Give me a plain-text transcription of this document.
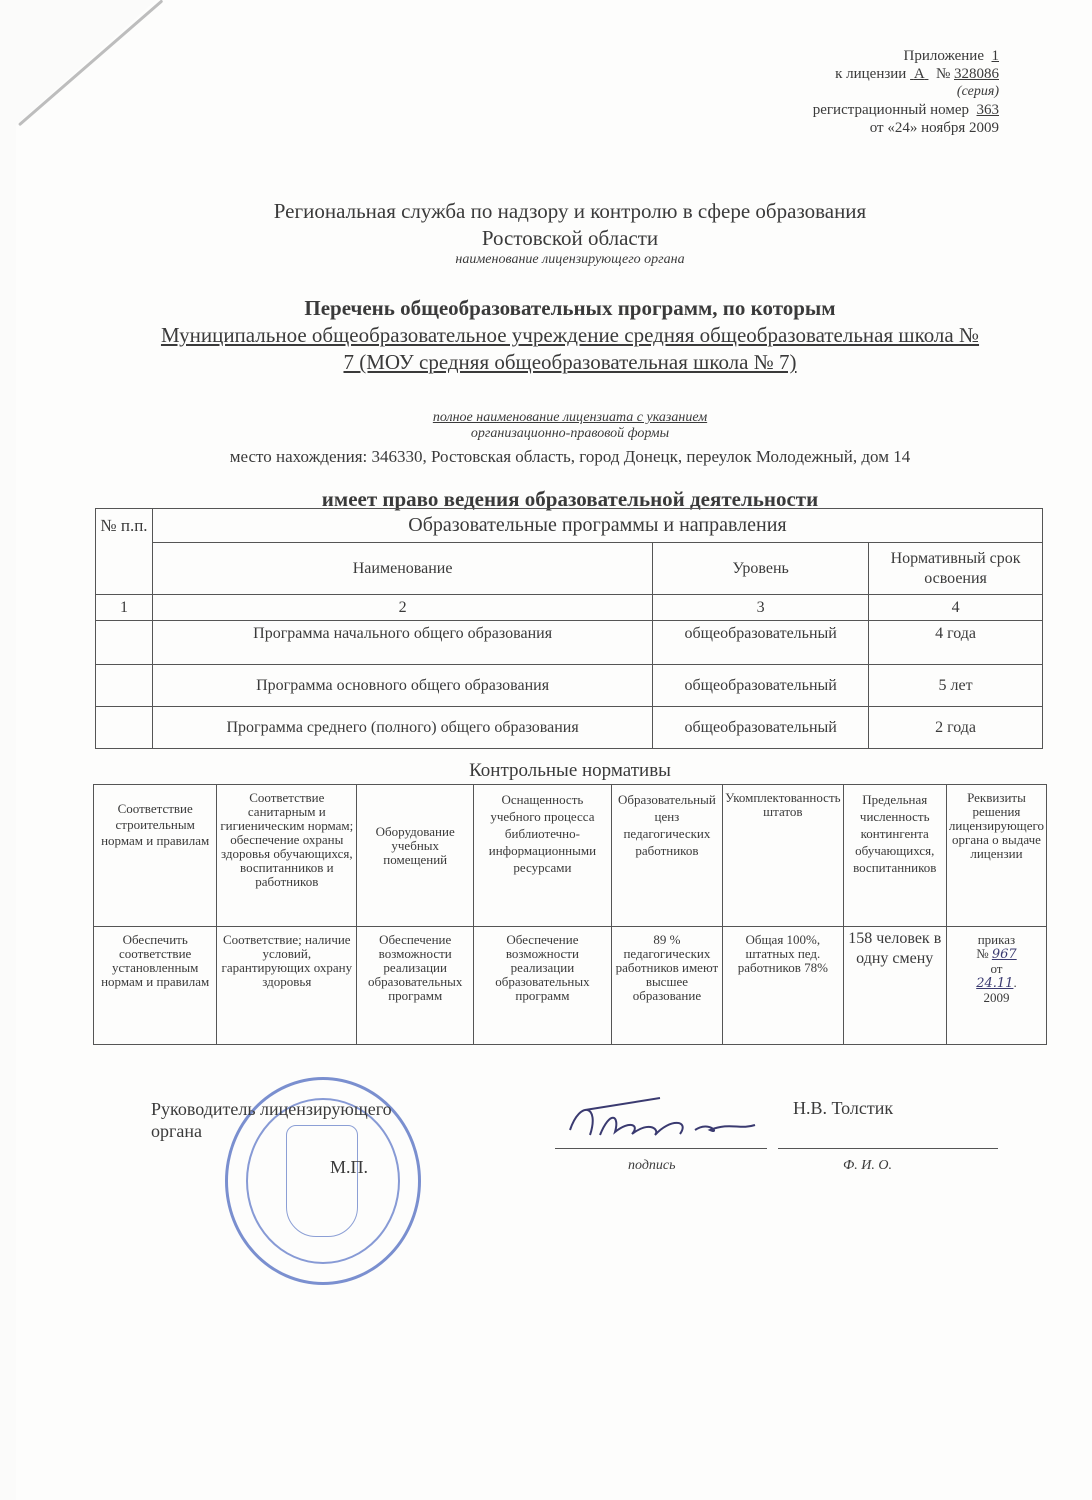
Приложение 1
к лицензии А № 328086
(серия)
регистрационный номер 363
от «24» ноября 2009
Региональная служба по надзору и контролю в сфере образования
Ростовской области
наименование лицензирующего органа
Перечень общеобразовательных программ, по которым
Муниципальное общеобразовательное учреждение средняя общеобразовательная школа № 7 (МОУ средняя общеобразовательная школа № 7)
полное наименование лицензиата с указанием
организационно-правовой формы
место нахождения: 346330, Ростовская область, город Донецк, переулок Молодежный, дом 14
имеет право ведения образовательной деятельности
№ п.п.	Образовательные программы и направления		
	Наименование	Уровень	Нормативный срок освоения
1	2	3	4
	Программа начального общего образования	общеобразовательный	4 года
	Программа основного общего образования	общеобразовательный	5 лет
	Программа среднего (полного) общего образования	общеобразовательный	2 года
Контрольные нормативы
Соответствие строительным нормам и правилам	Соответствие санитарным и гигиеническим нормам; обеспечение охраны здоровья обучающихся, воспитанников и работников	Оборудование учебных помещений	Оснащенность учебного процесса библиотечно-информационными ресурсами	Образовательный ценз педагогических работников	Укомплектованность штатов	Предельная численность контингента обучающихся, воспитанников	Реквизиты решения лицензирующего органа о выдаче лицензии
Обеспечить соответствие установленным нормам и правилам	Соответствие; наличие условий, гарантирующих охрану здоровья	Обеспечение возможности реализации образовательных программ	Обеспечение возможности реализации образовательных программ	89 % педагогических работников имеют высшее образование	Общая 100%, штатных пед. работников 78%	158 человек в одну смену	приказ
№ 967
от
24.11.
2009
Руководитель лицензирующего
органа
М.П.
Н.В. Толстик
подпись	Ф. И. О.
